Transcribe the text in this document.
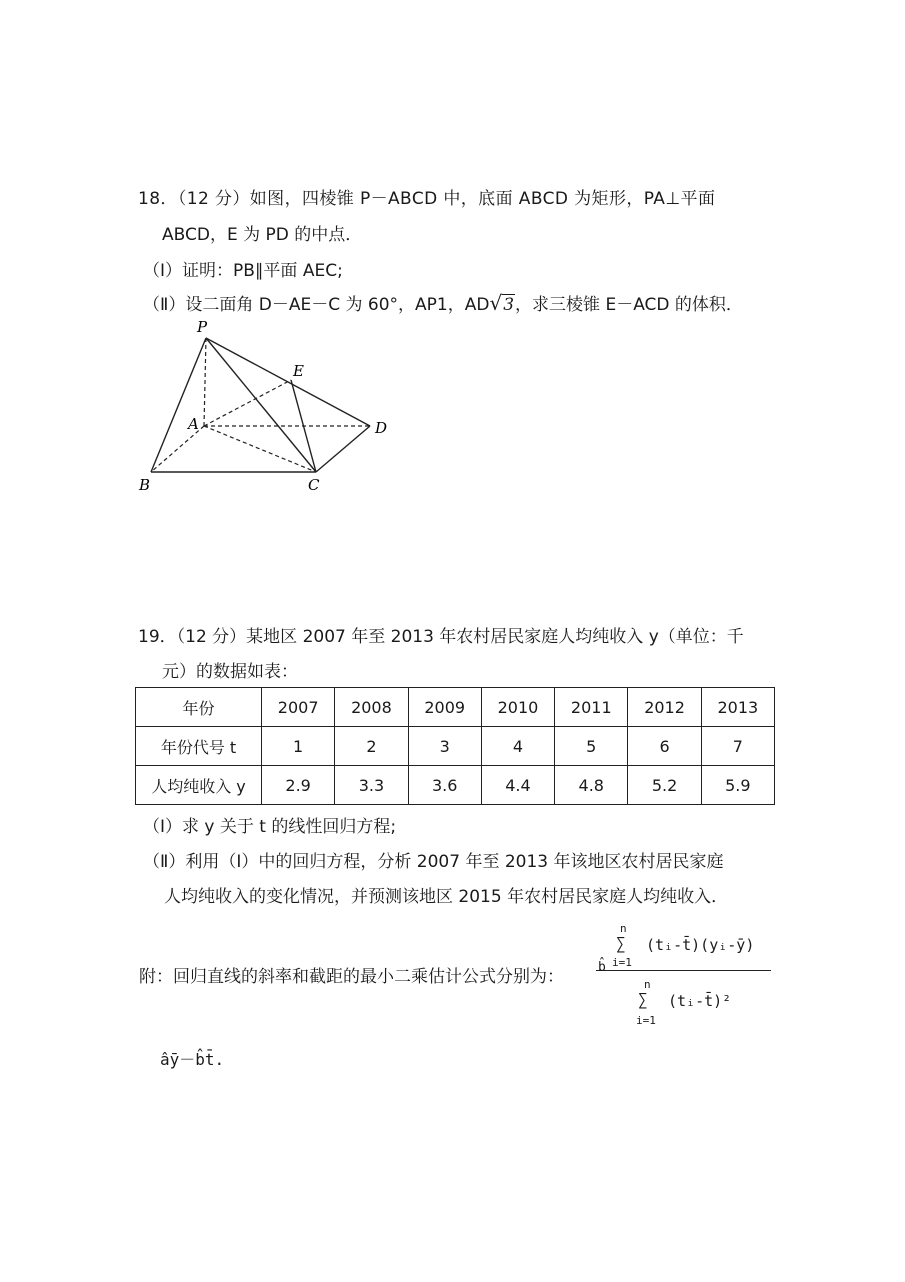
18．（12 分）如图，四棱锥 P－ABCD 中，底面 ABCD 为矩形，PA⊥平面
ABCD，E 为 PD 的中点．
（Ⅰ）证明：PB∥平面 AEC;
（Ⅱ）设二面角 D－AE－C 为 60°，AP1，AD√3，求三棱锥 E－ACD 的体积．
P
E
A	D
B	C
19．（12 分）某地区 2007 年至 2013 年农村居民家庭人均纯收入 y（单位：千
元）的数据如表：
年份	2007	2008	2009	2010	2011	2012	2013
年份代号 t	1	2	3	4	5	6	7
人均纯收入 y	2.9	3.3	3.6	4.4	4.8	5.2	5.9
（Ⅰ）求 y 关于 t 的线性回归方程;
（Ⅱ）利用（Ⅰ）中的回归方程，分析 2007 年至 2013 年该地区农村居民家庭
人均纯收入的变化情况，并预测该地区 2015 年农村居民家庭人均纯收入．
附：回归直线的斜率和截距的最小二乘估计公式分别为：
n
∑
i=1
(tᵢ-t̄)(yᵢ-ȳ)
n
∑
i=1
(tᵢ-t̄)²
b̂
âȳ－b̂t̄.
